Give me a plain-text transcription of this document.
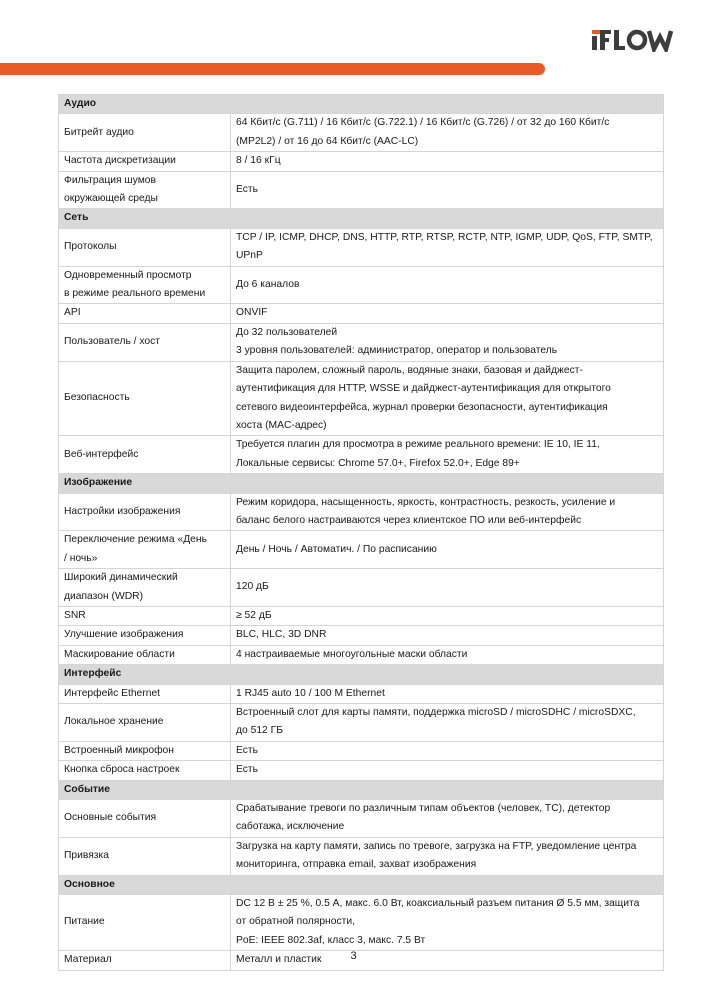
Аудио	

Битрейт аудио	64 Кбит/с (G.711) / 16 Кбит/с (G.722.1) / 16 Кбит/с (G.726) / от 32 до 160 Кбит/с
(MP2L2) / от 16 до 64 Кбит/с (AAC-LC)

Частота дискретизации	8 / 16 кГц

Фильтрация шумов
окружающей среды	Есть

Сеть	

Протоколы	TCP / IP, ICMP, DHCP, DNS, HTTP, RTP, RTSP, RCTP, NTP, IGMP, UDP, QoS, FTP, SMTP,
UPnP

Одновременный просмотр
в режиме реального времени	До 6 каналов

API	ONVIF

Пользователь / хост	До 32 пользователей
3 уровня пользователей: администратор, оператор и пользователь

Безопасность	Защита паролем, сложный пароль, водяные знаки, базовая и дайджест-
аутентификация для HTTP, WSSE и дайджест-аутентификация для открытого
сетевого видеоинтерфейса, журнал проверки безопасности, аутентификация
хоста (MAC-адрес)

Веб-интерфейс	Требуется плагин для просмотра в режиме реального времени: IE 10, IE 11,
Локальные сервисы: Chrome 57.0+, Firefox 52.0+, Edge 89+

Изображение	

Настройки изображения	Режим коридора, насыщенность, яркость, контрастность, резкость, усиление и
баланс белого настраиваются через клиентское ПО или веб-интерфейс

Переключение режима «День
/ ночь»	День / Ночь / Автоматич. / По расписанию

Широкий динамический
диапазон (WDR)	120 дБ

SNR	≥ 52 дБ

Улучшение изображения	BLC, HLC, 3D DNR

Маскирование области	4 настраиваемые многоугольные маски области

Интерфейс	

Интерфейс Ethernet	1 RJ45 auto 10 / 100 M Ethernet

Локальное хранение	Встроенный слот для карты памяти, поддержка microSD / microSDHC / microSDXC,
до 512 ГБ

Встроенный микрофон	Есть

Кнопка сброса настроек	Есть

Событие	

Основные события	Срабатывание тревоги по различным типам объектов (человек, ТС), детектор
саботажа, исключение

Привязка	Загрузка на карту памяти, запись по тревоге, загрузка на FTP, уведомление центра
мониторинга, отправка email, захват изображения

Основное	

Питание	DC 12 В ± 25 %, 0.5 А, макс. 6.0 Вт, коаксиальный разъем питания Ø 5.5 мм, защита
от обратной полярности,
PoE: IEEE 802.3af, класс 3, макс. 7.5 Вт

Материал	Металл и пластик	3
